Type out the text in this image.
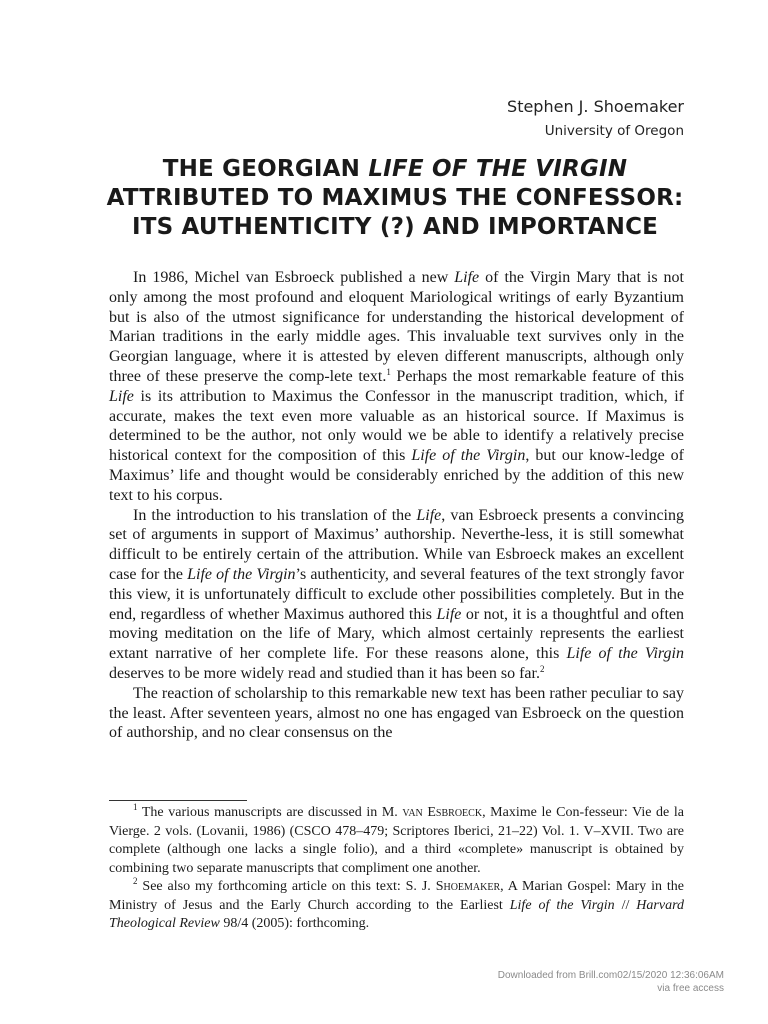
Stephen J. Shoemaker
University of Oregon
THE GEORGIAN LIFE OF THE VIRGIN
ATTRIBUTED TO MAXIMUS THE CONFESSOR:
ITS AUTHENTICITY (?) AND IMPORTANCE

In 1986, Michel van Esbroeck published a new Life of the Virgin Mary that is not only among the most profound and eloquent Mariological writings of early Byzantium but is also of the utmost significance for understanding the historical development of Marian traditions in the early middle ages. This invaluable text survives only in the Georgian language, where it is attested by eleven different manuscripts, although only three of these preserve the comp-lete text.$^1$ Perhaps the most remarkable feature of this Life is its attribution to Maximus the Confessor in the manuscript tradition, which, if accurate, makes the text even more valuable as an historical source. If Maximus is determined to be the author, not only would we be able to identify a relatively precise historical context for the composition of this Life of the Virgin, but our know-ledge of Maximus’ life and thought would be considerably enriched by the addition of this new text to his corpus.

In the introduction to his translation of the Life, van Esbroeck presents a convincing set of arguments in support of Maximus’ authorship. Neverthe-less, it is still somewhat difficult to be entirely certain of the attribution. While van Esbroeck makes an excellent case for the Life of the Virgin’s authenticity, and several features of the text strongly favor this view, it is unfortunately difficult to exclude other possibilities completely. But in the end, regardless of whether Maximus authored this Life or not, it is a thoughtful and often moving meditation on the life of Mary, which almost certainly represents the earliest extant narrative of her complete life. For these reasons alone, this Life of the Virgin deserves to be more widely read and studied than it has been so far.$^2$

The reaction of scholarship to this remarkable new text has been rather peculiar to say the least. After seventeen years, almost no one has engaged van Esbroeck on the question of authorship, and no clear consensus on the

$^1$ The various manuscripts are discussed in M. van Esbroeck, Maxime le Con-fesseur: Vie de la Vierge. 2 vols. (Lovanii, 1986) (CSCO 478–479; Scriptores Iberici, 21–22) Vol. 1. V–XVII. Two are complete (although one lacks a single folio), and a third «complete» manuscript is obtained by combining two separate manuscripts that compliment one another.

$^2$ See also my forthcoming article on this text: S. J. Shoemaker, A Marian Gospel: Mary in the Ministry of Jesus and the Early Church according to the Earliest Life of the Virgin // Harvard Theological Review 98/4 (2005): forthcoming.

Downloaded from Brill.com02/15/2020 12:36:06AM
via free access
